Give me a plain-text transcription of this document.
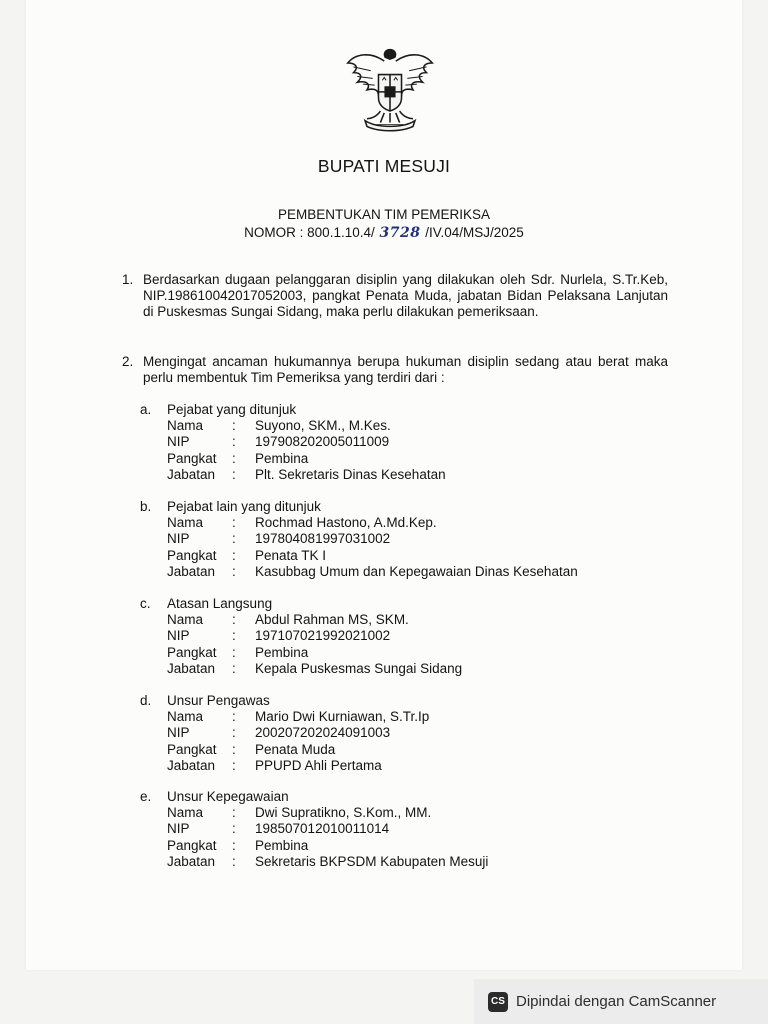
BUPATI MESUJI
PEMBENTUKAN TIM PEMERIKSA
NOMOR : 800.1.10.4/ 3728 /IV.04/MSJ/2025
1. Berdasarkan dugaan pelanggaran disiplin yang dilakukan oleh Sdr. Nurlela, S.Tr.Keb, NIP.198610042017052003, pangkat Penata Muda, jabatan Bidan Pelaksana Lanjutan di Puskesmas Sungai Sidang, maka perlu dilakukan pemeriksaan.
2. Mengingat ancaman hukumannya berupa hukuman disiplin sedang atau berat maka perlu membentuk Tim Pemeriksa yang terdiri dari :
a. Pejabat yang ditunjuk
Nama : Suyono, SKM., M.Kes.
NIP	: 197908202005011009
Pangkat : Pembina
Jabatan : Plt. Sekretaris Dinas Kesehatan
b. Pejabat lain yang ditunjuk
Nama : Rochmad Hastono, A.Md.Kep.
NIP	: 197804081997031002
Pangkat : Penata TK I
Jabatan : Kasubbag Umum dan Kepegawaian Dinas Kesehatan
c. Atasan Langsung
Nama : Abdul Rahman MS, SKM.
NIP	: 197107021992021002
Pangkat : Pembina
Jabatan : Kepala Puskesmas Sungai Sidang
d. Unsur Pengawas
Nama : Mario Dwi Kurniawan, S.Tr.Ip
NIP	: 200207202024091003
Pangkat : Penata Muda
Jabatan : PPUPD Ahli Pertama
e. Unsur Kepegawaian
Nama : Dwi Supratikno, S.Kom., MM.
NIP	: 198507012010011014
Pangkat : Pembina
Jabatan : Sekretaris BKPSDM Kabupaten Mesuji
CS Dipindai dengan CamScanner
